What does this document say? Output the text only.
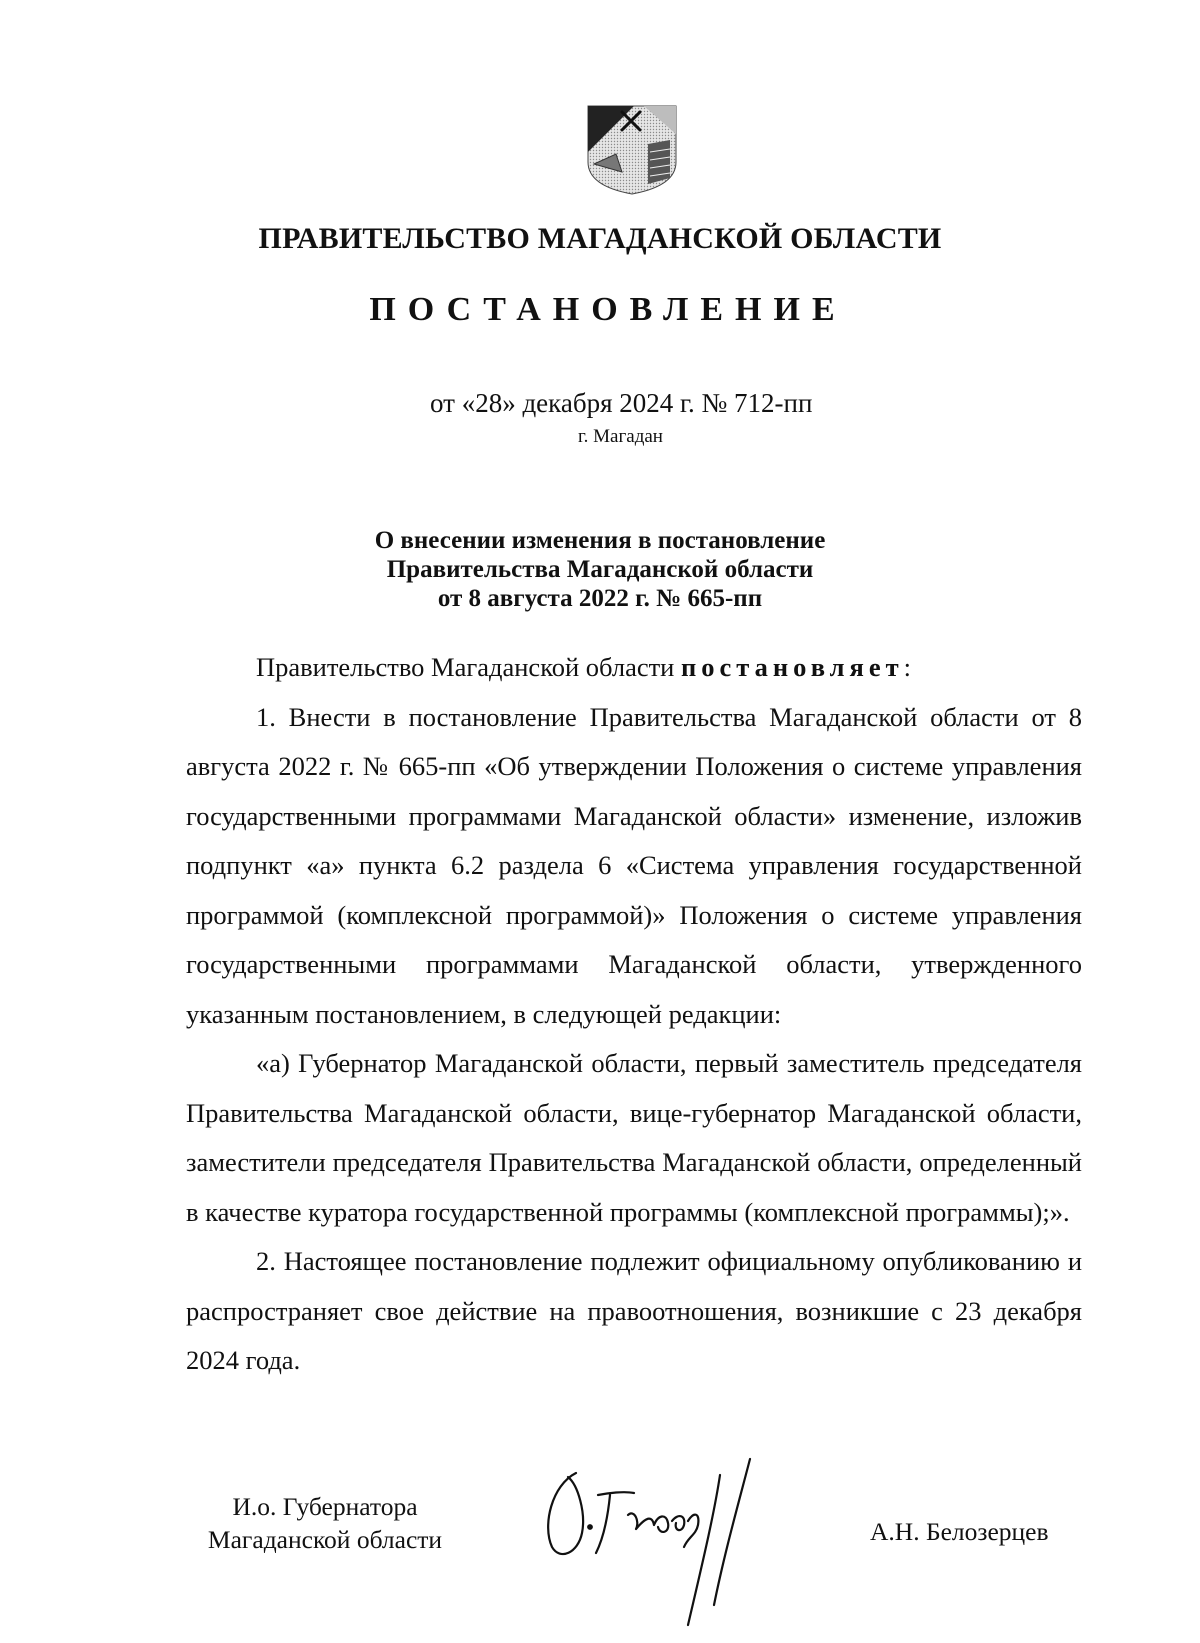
ПРАВИТЕЛЬСТВО МАГАДАНСКОЙ ОБЛАСТИ
ПОСТАНОВЛЕНИЕ
от «28» декабря 2024 г. № 712-пп
г. Магадан
О внесении изменения в постановление
Правительства Магаданской области
от 8 августа 2022 г. № 665-пп

Правительство Магаданской области постановляет:

1. Внести в постановление Правительства Магаданской области от 8 августа 2022 г. № 665-пп «Об утверждении Положения о системе управления государственными программами Магаданской области» изменение, изложив подпункт «а» пункта 6.2 раздела 6 «Система управления государственной программой (комплексной программой)» Положения о системе управления государственными программами Магаданской области, утвержденного указанным постановлением, в следующей редакции:

«а) Губернатор Магаданской области, первый заместитель председателя Правительства Магаданской области, вице-губернатор Магаданской области, заместители председателя Правительства Магаданской области, определенный в качестве куратора государственной программы (комплексной программы);».

2. Настоящее постановление подлежит официальному опубликованию и распространяет свое действие на правоотношения, возникшие с 23 декабря 2024 года.

И.о. Губернатора
Магаданской области	А.Н. Белозерцев
